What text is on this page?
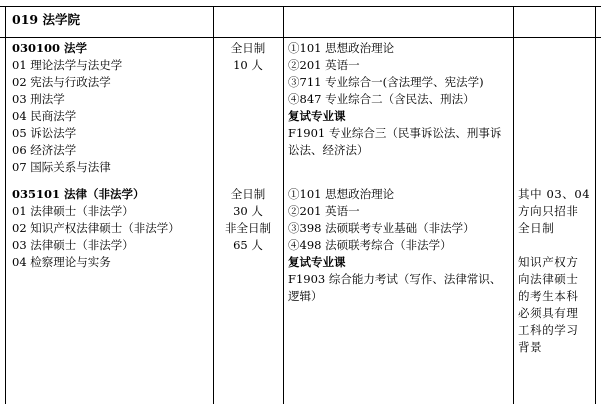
019 法学院
030100 法学
01 理论法学与法史学
02 宪法与行政法学
03 刑法学
04 民商法学
05 诉讼法学
06 经济法学
07 国际关系与法律
全日制
10 人
①101 思想政治理论
②201 英语一
③711 专业综合一(含法理学、宪法学)
④847 专业综合二（含民法、刑法）
复试专业课
F1901 专业综合三（民事诉讼法、刑事诉
讼法、经济法）
035101 法律（非法学）
01 法律硕士（非法学）
02 知识产权法律硕士（非法学）
03 法律硕士（非法学）
04 检察理论与实务
全日制
30 人
非全日制
65 人
①101 思想政治理论
②201 英语一
③398 法硕联考专业基础（非法学）
④498 法硕联考综合（非法学）
复试专业课
F1903 综合能力考试（写作、法律常识、
逻辑）
其中 03、04
方向只招非
全日制
知识产权方
向法律硕士
的考生本科
必须具有理
工科的学习
背景
